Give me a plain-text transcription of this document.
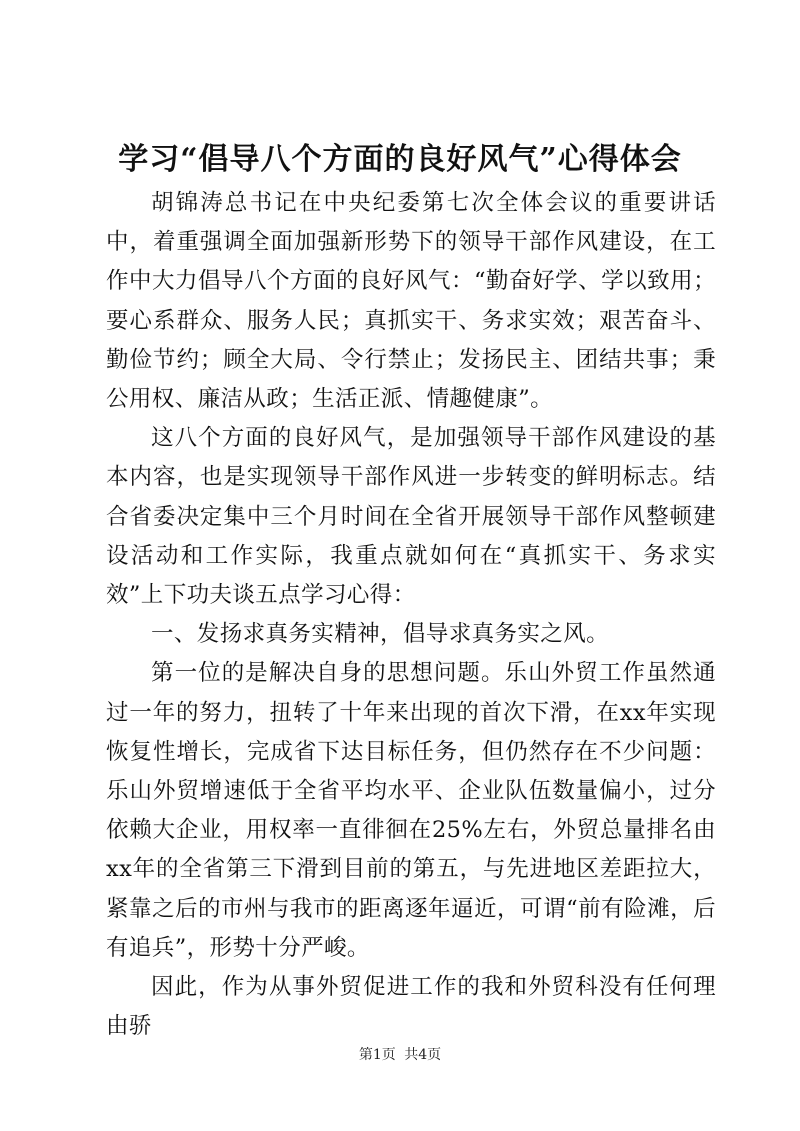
学习“倡导八个方面的良好风气”心得体会

胡锦涛总书记在中央纪委第七次全体会议的重要讲话中，着重强调全面加强新形势下的领导干部作风建设，在工作中大力倡导八个方面的良好风气：“勤奋好学、学以致用；要心系群众、服务人民；真抓实干、务求实效；艰苦奋斗、勤俭节约；顾全大局、令行禁止；发扬民主、团结共事；秉公用权、廉洁从政；生活正派、情趣健康”。

这八个方面的良好风气，是加强领导干部作风建设的基本内容，也是实现领导干部作风进一步转变的鲜明标志。结合省委决定集中三个月时间在全省开展领导干部作风整顿建设活动和工作实际，我重点就如何在“真抓实干、务求实效”上下功夫谈五点学习心得：

一、发扬求真务实精神，倡导求真务实之风。

第一位的是解决自身的思想问题。乐山外贸工作虽然通过一年的努力，扭转了十年来出现的首次下滑，在xx年实现恢复性增长，完成省下达目标任务，但仍然存在不少问题：乐山外贸增速低于全省平均水平、企业队伍数量偏小，过分依赖大企业，用权率一直徘徊在25%左右，外贸总量排名由xx年的全省第三下滑到目前的第五，与先进地区差距拉大，紧靠之后的市州与我市的距离逐年逼近，可谓“前有险滩，后有追兵”，形势十分严峻。

因此，作为从事外贸促进工作的我和外贸科没有任何理由骄

第1页 共4页
